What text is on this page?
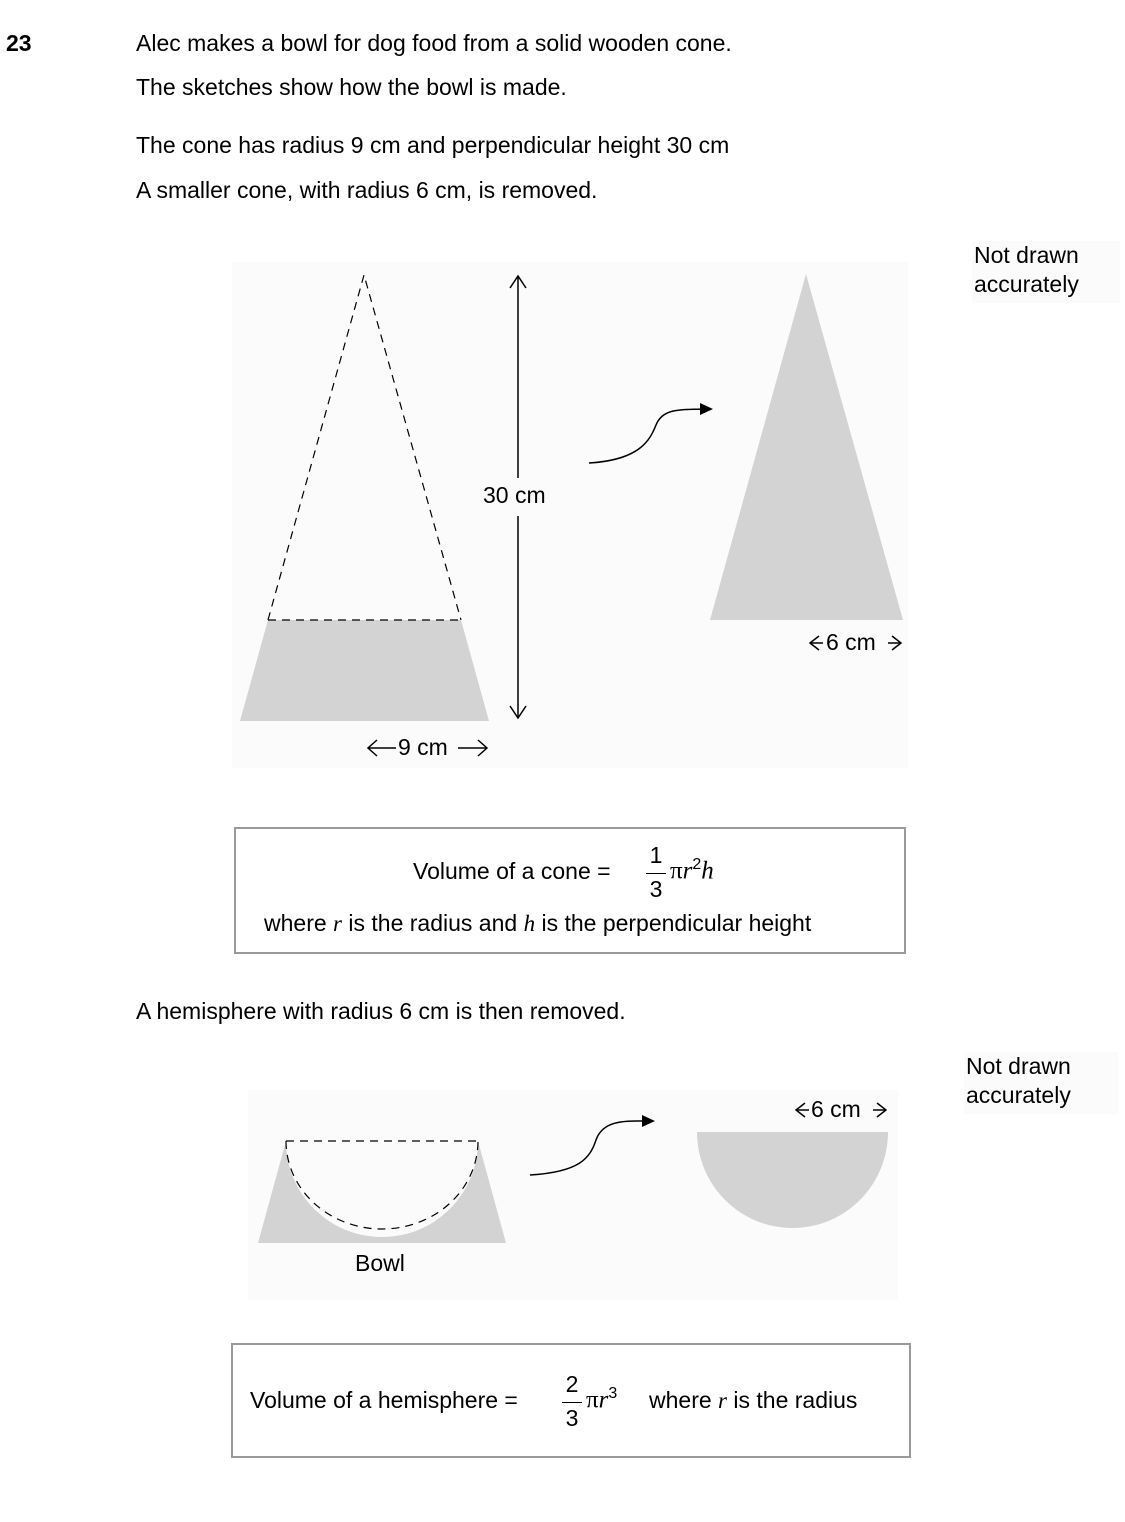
23	Alec makes a bowl for dog food from a solid wooden cone.
The sketches show how the bowl is made.
The cone has radius 9 cm and perpendicular height 30 cm
A smaller cone, with radius 6 cm, is removed.
30 cm
9 cm
6 cm
Not drawn
accurately
Volume of a cone =
1
3
$\pi r^2h$
where r is the radius and h is the perpendicular height
A hemisphere with radius 6 cm is then removed.
6 cm
Bowl
Not drawn
accurately
Volume of a hemisphere =
2
3
$\pi r^3$ where r is the radius
